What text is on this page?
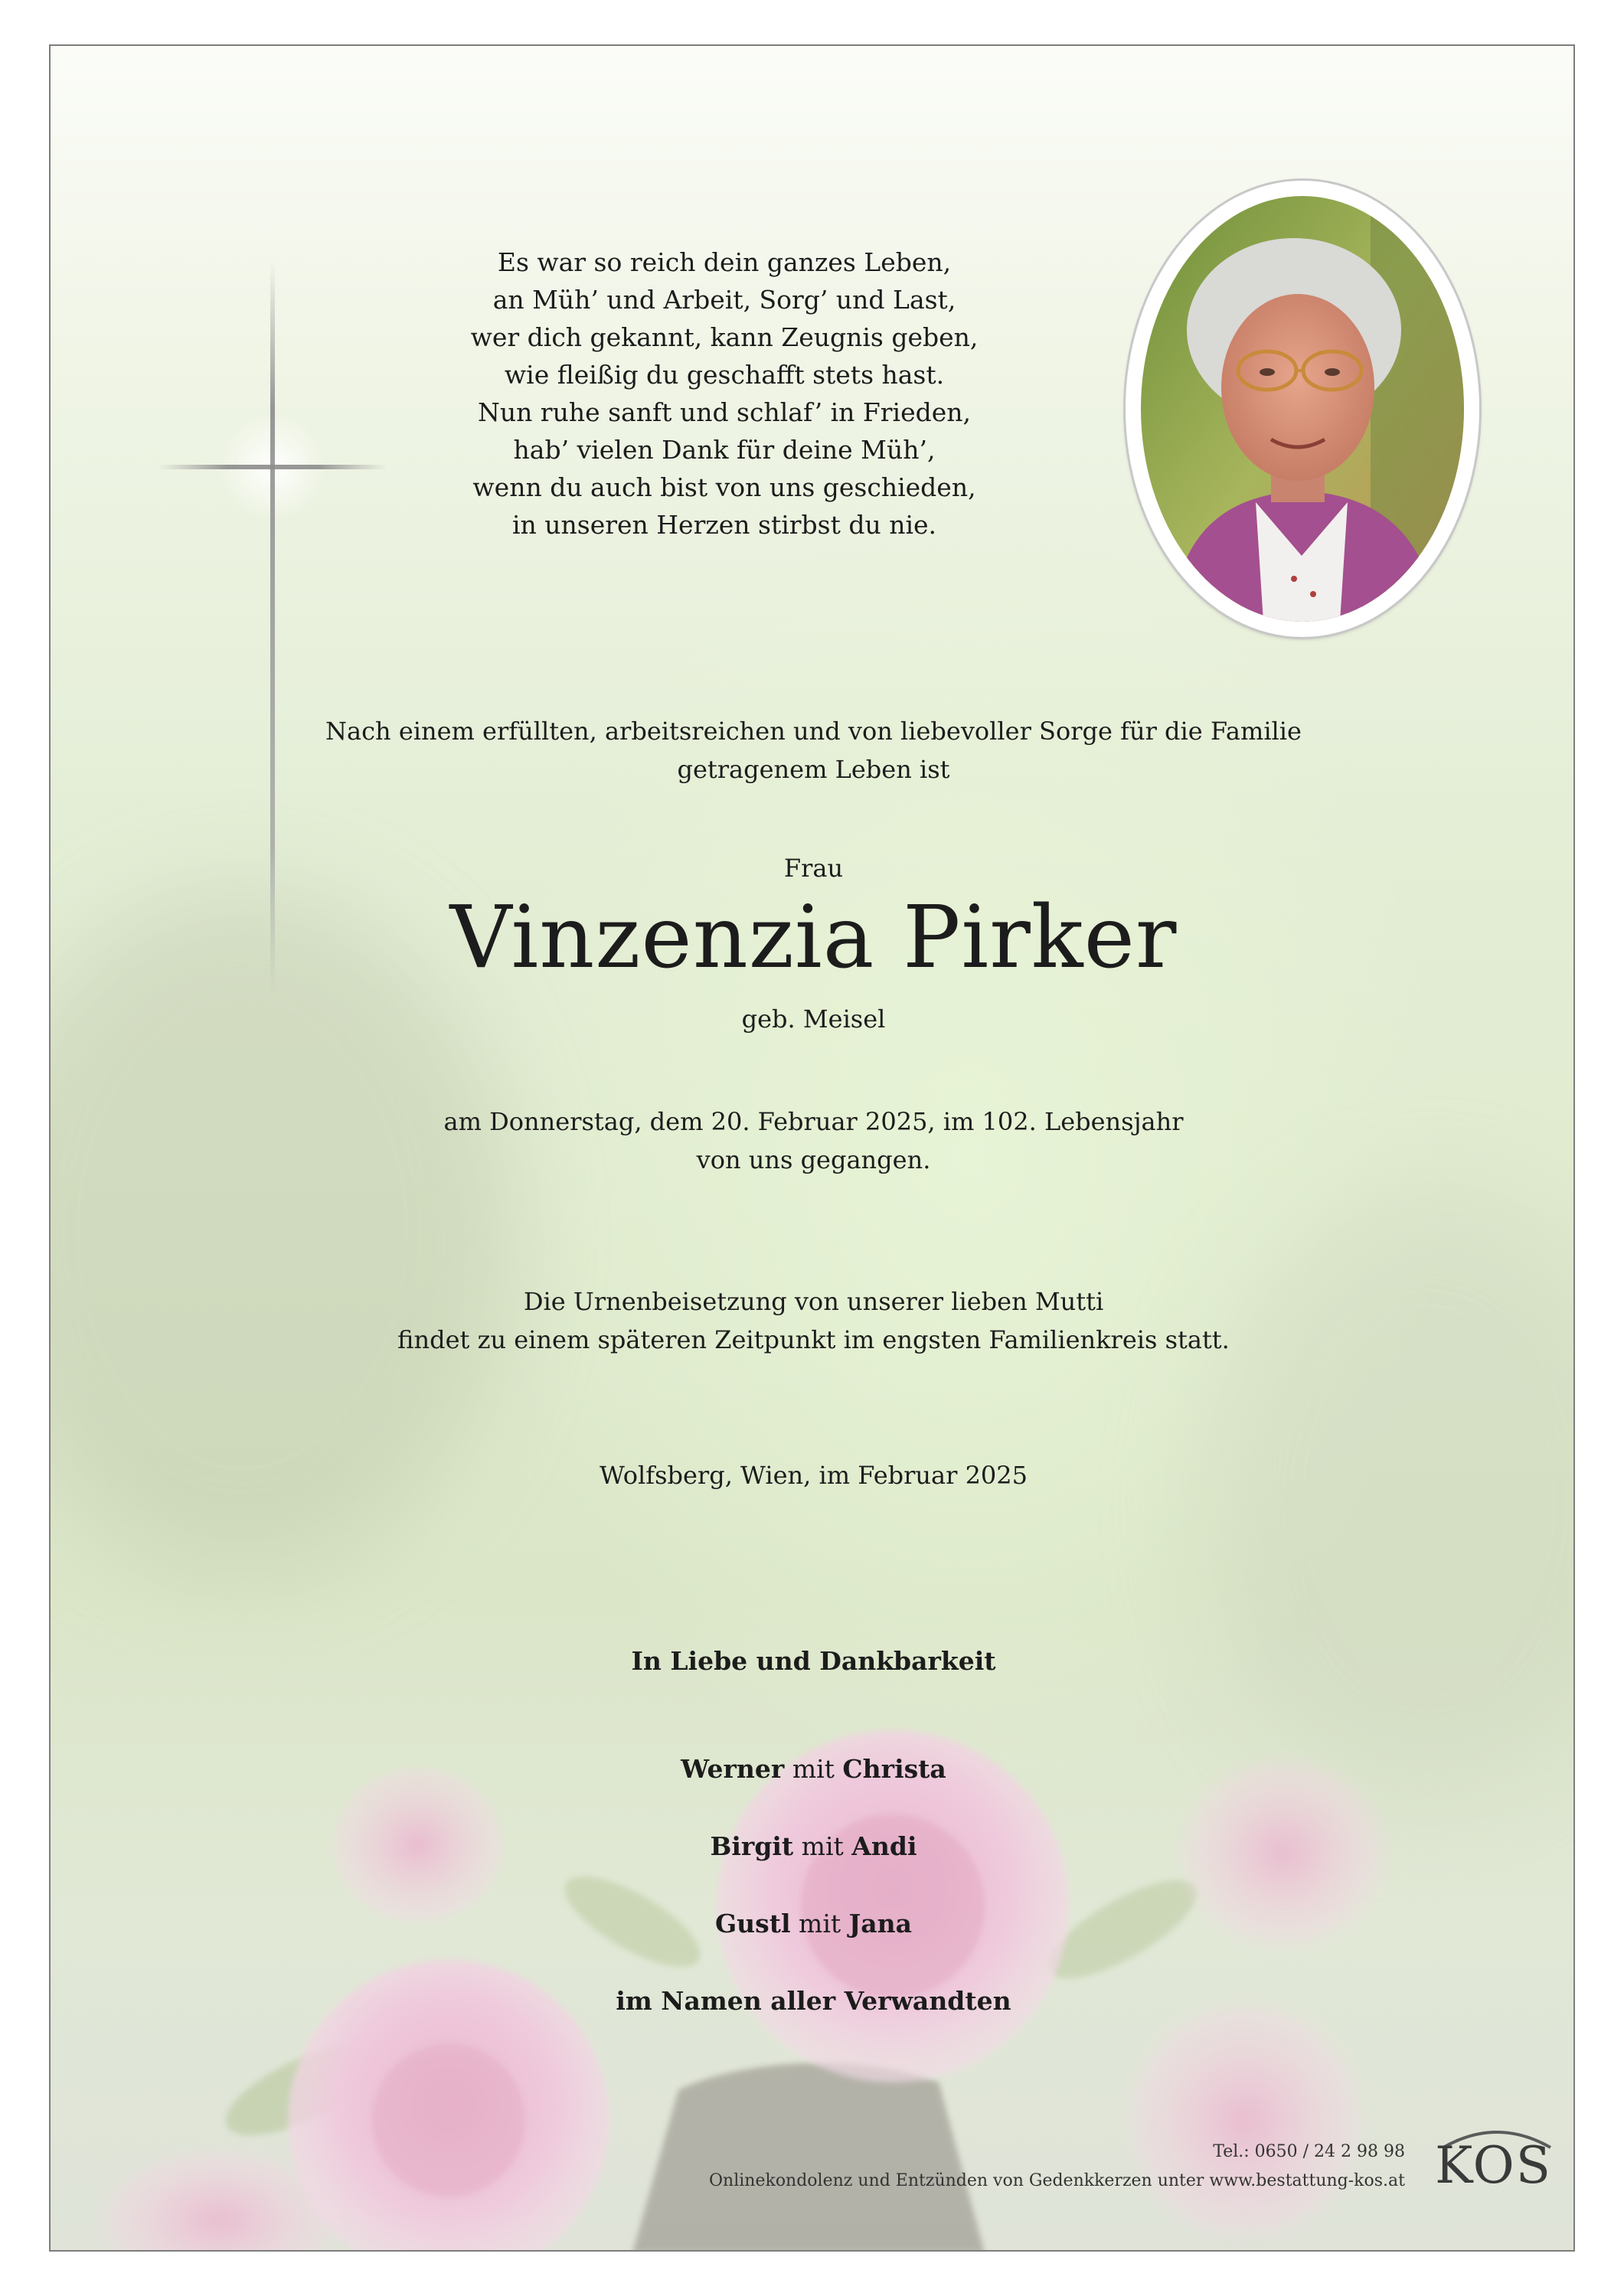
Es war so reich dein ganzes Leben,

an Müh’ und Arbeit, Sorg’ und Last,

wer dich gekannt, kann Zeugnis geben,

wie fleißig du geschafft stets hast.

Nun ruhe sanft und schlaf’ in Frieden,

hab’ vielen Dank für deine Müh’,

wenn du auch bist von uns geschieden,

in unseren Herzen stirbst du nie.

Nach einem erfüllten, arbeitsreichen und von liebevoller Sorge für die Familie

getragenem Leben ist

Frau
Vinzenzia Pirker
geb. Meisel

am Donnerstag, dem 20. Februar 2025, im 102. Lebensjahr

von uns gegangen.

Die Urnenbeisetzung von unserer lieben Mutti

findet zu einem späteren Zeitpunkt im engsten Familienkreis statt.

Wolfsberg, Wien, im Februar 2025
In Liebe und Dankbarkeit
Werner mit Christa
Birgit mit Andi
Gustl mit Jana
im Namen aller Verwandten
Tel.: 0650 / 24 2 98 98
Onlinekondolenz und Entzünden von Gedenkkerzen unter www.bestattung-kos.at KOS
